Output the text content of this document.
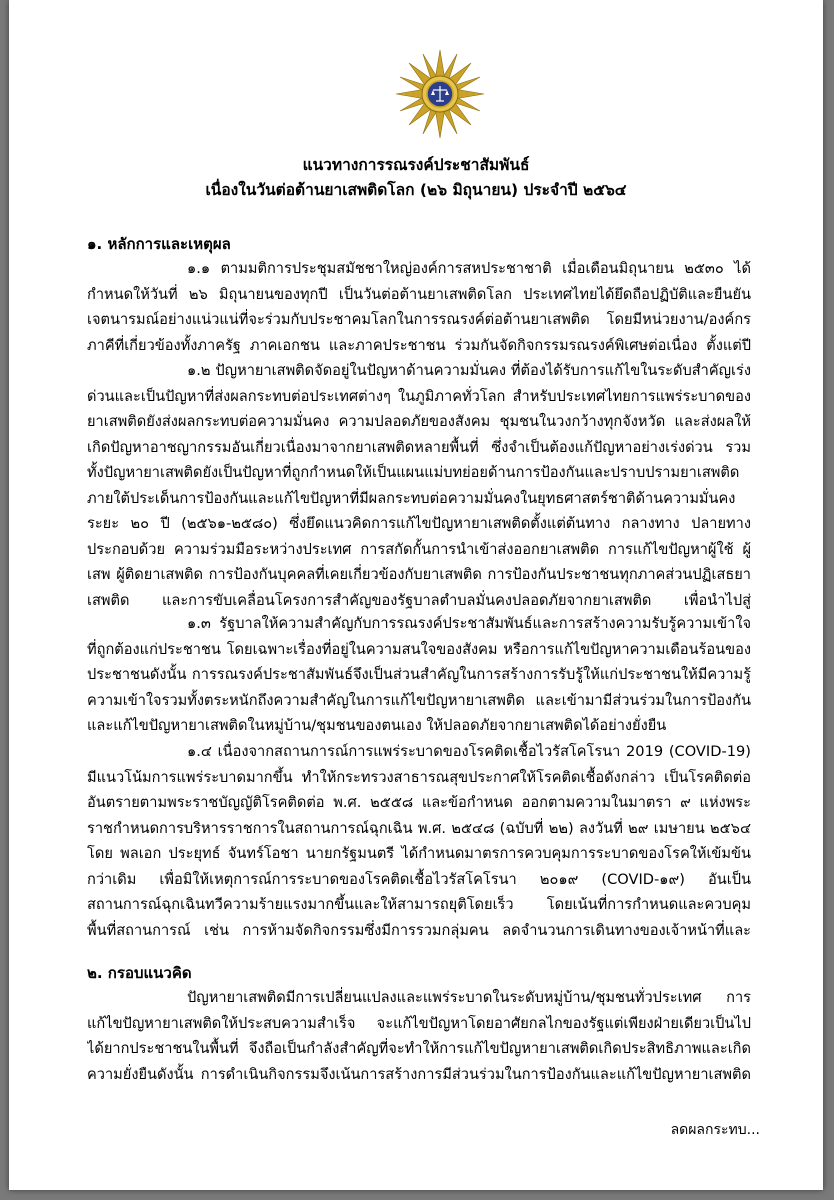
แนวทางการรณรงค์ประชาสัมพันธ์
เนื่องในวันต่อต้านยาเสพติดโลก (๒๖ มิถุนายน) ประจำปี ๒๕๖๔
๑. หลักการและเหตุผล
๑.๑ ตามมติการประชุมสมัชชาใหญ่องค์การสหประชาชาติ เมื่อเดือนมิถุนายน ๒๕๓๐ ได้กำหนดให้วันที่ ๒๖ มิถุนายนของทุกปี เป็นวันต่อต้านยาเสพติดโลก ประเทศไทยได้ยึดถือปฏิบัติและยืนยันเจตนารมณ์อย่างแน่วแน่ที่จะร่วมกับประชาคมโลกในการรณรงค์ต่อต้านยาเสพติด โดยมีหน่วยงาน/องค์กรภาคีที่เกี่ยวข้องทั้งภาครัฐ ภาคเอกชน และภาคประชาชน ร่วมกันจัดกิจกรรมรณรงค์พิเศษต่อเนื่อง ตั้งแต่ปี
๑.๒ ปัญหายาเสพติดจัดอยู่ในปัญหาด้านความมั่นคง ที่ต้องได้รับการแก้ไขในระดับสำคัญเร่งด่วนและเป็นปัญหาที่ส่งผลกระทบต่อประเทศต่างๆ ในภูมิภาคทั่วโลก สำหรับประเทศไทยการแพร่ระบาดของยาเสพติดยังส่งผลกระทบต่อความมั่นคง ความปลอดภัยของสังคม ชุมชนในวงกว้างทุกจังหวัด และส่งผลให้เกิดปัญหาอาชญากรรมอันเกี่ยวเนื่องมาจากยาเสพติดหลายพื้นที่ ซึ่งจำเป็นต้องแก้ปัญหาอย่างเร่งด่วน รวมทั้งปัญหายาเสพติดยังเป็นปัญหาที่ถูกกำหนดให้เป็นแผนแม่บทย่อยด้านการป้องกันและปราบปรามยาเสพติด ภายใต้ประเด็นการป้องกันและแก้ไขปัญหาที่มีผลกระทบต่อความมั่นคงในยุทธศาสตร์ชาติด้านความมั่นคง ระยะ ๒๐ ปี (๒๕๖๑-๒๕๘๐) ซึ่งยึดแนวคิดการแก้ไขปัญหายาเสพติดตั้งแต่ต้นทาง กลางทาง ปลายทาง ประกอบด้วย ความร่วมมือระหว่างประเทศ การสกัดกั้นการนำเข้าส่งออกยาเสพติด การแก้ไขปัญหาผู้ใช้ ผู้เสพ ผู้ติดยาเสพติด การป้องกันบุคคลที่เคยเกี่ยวข้องกับยาเสพติด การป้องกันประชาชนทุกภาคส่วนปฏิเสธยาเสพติด และการขับเคลื่อนโครงการสำคัญของรัฐบาลตำบลมั่นคงปลอดภัยจากยาเสพติด เพื่อนำไปสู่
๑.๓ รัฐบาลให้ความสำคัญกับการรณรงค์ประชาสัมพันธ์และการสร้างความรับรู้ความเข้าใจที่ถูกต้องแก่ประชาชน โดยเฉพาะเรื่องที่อยู่ในความสนใจของสังคม หรือการแก้ไขปัญหาความเดือนร้อนของประชาชนดังนั้น การรณรงค์ประชาสัมพันธ์จึงเป็นส่วนสำคัญในการสร้างการรับรู้ให้แก่ประชาชนให้มีความรู้ความเข้าใจรวมทั้งตระหนักถึงความสำคัญในการแก้ไขปัญหายาเสพติด และเข้ามามีส่วนร่วมในการป้องกันและแก้ไขปัญหายาเสพติดในหมู่บ้าน/ชุมชนของตนเอง ให้ปลอดภัยจากยาเสพติดได้อย่างยั่งยืน
๑.๔ เนื่องจากสถานการณ์การแพร่ระบาดของโรคติดเชื้อไวรัสโคโรนา 2019 (COVID-19) มีแนวโน้มการแพร่ระบาดมากขึ้น ทำให้กระทรวงสาธารณสุขประกาศให้โรคติดเชื้อดังกล่าว เป็นโรคติดต่ออันตรายตามพระราชบัญญัติโรคติดต่อ พ.ศ. ๒๕๕๘ และข้อกำหนด ออกตามความในมาตรา ๙ แห่งพระราชกำหนดการบริหารราชการในสถานการณ์ฉุกเฉิน พ.ศ. ๒๕๔๘ (ฉบับที่ ๒๒) ลงวันที่ ๒๙ เมษายน ๒๕๖๔ โดย พลเอก ประยุทธ์ จันทร์โอชา นายกรัฐมนตรี ได้กำหนดมาตรการควบคุมการระบาดของโรคให้เข้มข้นกว่าเดิม เพื่อมิให้เหตุการณ์การระบาดของโรคติดเชื้อไวรัสโคโรนา ๒๐๑๙ (COVID-๑๙) อันเป็นสถานการณ์ฉุกเฉินทวีความร้ายแรงมากขึ้นและให้สามารถยุติโดยเร็ว โดยเน้นที่การกำหนดและควบคุมพื้นที่สถานการณ์ เช่น การห้ามจัดกิจกรรมซึ่งมีการรวมกลุ่มคน ลดจำนวนการเดินทางของเจ้าหน้าที่และ
๒. กรอบแนวคิด
ปัญหายาเสพติดมีการเปลี่ยนแปลงและแพร่ระบาดในระดับหมู่บ้าน/ชุมชนทั่วประเทศ การแก้ไขปัญหายาเสพติดให้ประสบความสำเร็จ จะแก้ไขปัญหาโดยอาศัยกลไกของรัฐแต่เพียงฝ่ายเดียวเป็นไปได้ยากประชาชนในพื้นที่ จึงถือเป็นกำลังสำคัญที่จะทำให้การแก้ไขปัญหายาเสพติดเกิดประสิทธิภาพและเกิดความยั่งยืนดังนั้น การดำเนินกิจกรรมจึงเน้นการสร้างการมีส่วนร่วมในการป้องกันและแก้ไขปัญหายาเสพติด
ลดผลกระทบ...
